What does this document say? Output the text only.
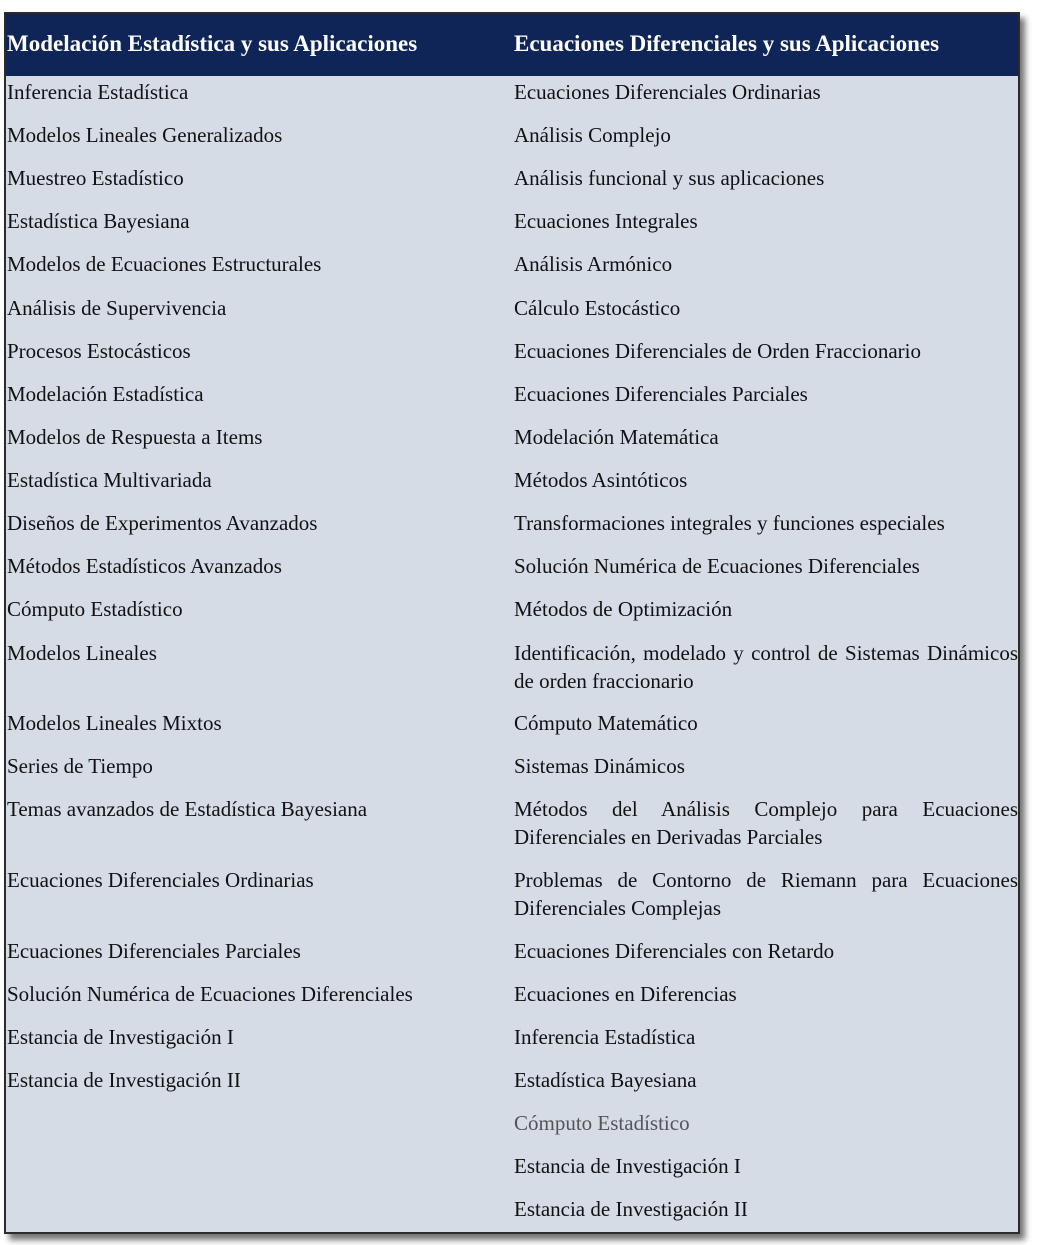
Modelación Estadística y sus Aplicaciones	Ecuaciones Diferenciales y sus Aplicaciones
Inferencia Estadística
Modelos Lineales Generalizados
Muestreo Estadístico
Estadística Bayesiana
Modelos de Ecuaciones Estructurales
Análisis de Supervivencia
Procesos Estocásticos
Modelación Estadística
Modelos de Respuesta a Items
Estadística Multivariada
Diseños de Experimentos Avanzados
Métodos Estadísticos Avanzados
Cómputo Estadístico
Modelos Lineales
Modelos Lineales Mixtos
Series de Tiempo
Temas avanzados de Estadística Bayesiana
Ecuaciones Diferenciales Ordinarias
Ecuaciones Diferenciales Parciales
Solución Numérica de Ecuaciones Diferenciales
Estancia de Investigación I
Estancia de Investigación II
Ecuaciones Diferenciales Ordinarias
Análisis Complejo
Análisis funcional y sus aplicaciones
Ecuaciones Integrales
Análisis Armónico
Cálculo Estocástico
Ecuaciones Diferenciales de Orden Fraccionario
Ecuaciones Diferenciales Parciales
Modelación Matemática
Métodos Asintóticos
Transformaciones integrales y funciones especiales
Solución Numérica de Ecuaciones Diferenciales
Métodos de Optimización
Identificación, modelado y control de Sistemas Dinámicos de orden fraccionario
Cómputo Matemático
Sistemas Dinámicos
Métodos del Análisis Complejo para Ecuaciones Diferenciales en Derivadas Parciales
Problemas de Contorno de Riemann para Ecuaciones Diferenciales Complejas
Ecuaciones Diferenciales con Retardo
Ecuaciones en Diferencias
Inferencia Estadística
Estadística Bayesiana
Cómputo Estadístico
Estancia de Investigación I
Estancia de Investigación II
